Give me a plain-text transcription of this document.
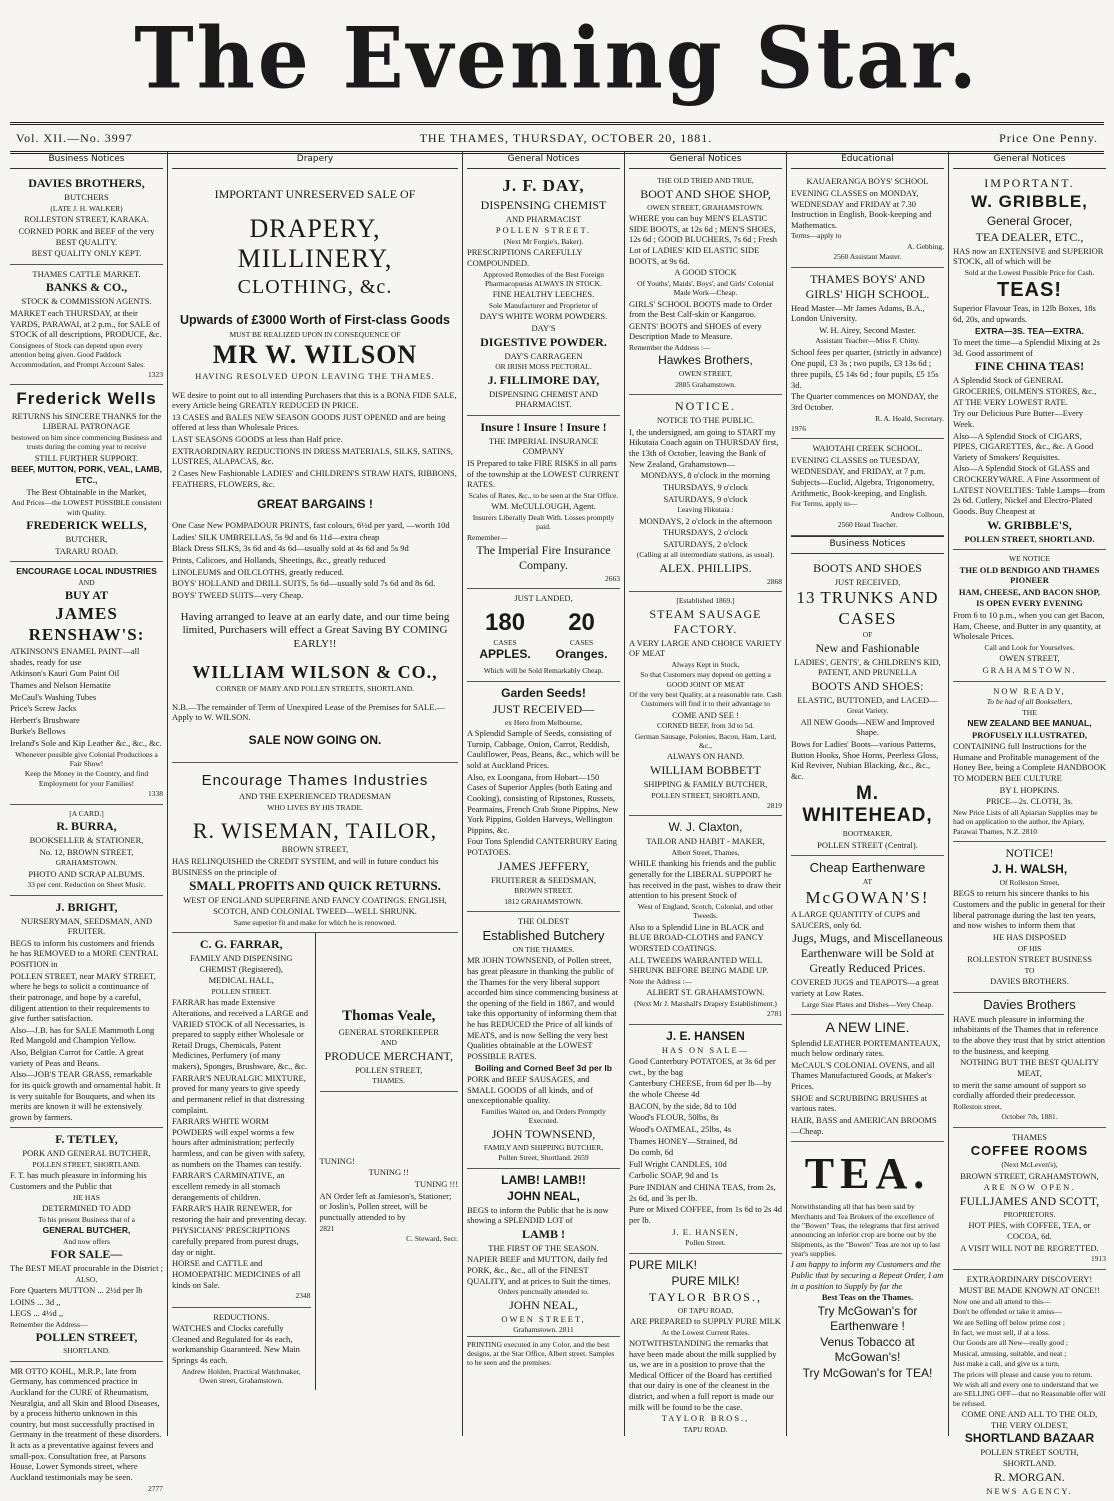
The Evening Star.
Vol. XII.—No. 3997	THE THAMES, THURSDAY, OCTOBER 20, 1881.	Price One Penny.
Business Notices

DAVIES BROTHERS,

BUTCHERS

(LATE J. H. WALKER)

ROLLESTON STREET, KARAKA.

CORNED PORK and BEEF of the very BEST QUALITY.

BEST QUALITY ONLY KEPT.

THAMES CATTLE MARKET.

BANKS & CO.,

STOCK & COMMISSION AGENTS.

MARKET each THURSDAY, at their YARDS, PARAWAI, at 2 p.m., for SALE of STOCK of all descriptions, PRODUCE, &c.

Consignees of Stock can depend upon every attention being given. Good Paddock Accommodation, and Prompt Account Sales.

1323

Frederick Wells

RETURNS his SINCERE THANKS for the LIBERAL PATRONAGE

bestowed on him since commencing Business and trusts during the coming year to receive

STILL FURTHER SUPPORT.

BEEF, MUTTON, PORK, VEAL, LAMB, ETC.,

The Best Obtainable in the Market,

And Prices—the LOWEST POSSIBLE consistent with Quality.

FREDERICK WELLS,

BUTCHER,

TARARU ROAD.

ENCOURAGE LOCAL INDUSTRIES

AND

BUY AT

JAMES RENSHAW'S:

ATKINSON'S ENAMEL PAINT—all shades, ready for use

Atkinson's Kauri Gum Paint Oil

Thames and Nelson Hematite

McCaul's Washing Tubes

Price's Screw Jacks

Herbert's Brushware

Burke's Bellows

Ireland's Sole and Kip Leather &c., &c., &c.

Whenever possible give Colonial Productions a Fair Show!

Keep the Money in the Country, and find Employment for your Families!

1338

[A CARD.]

R. BURRA,

BOOKSELLER & STATIONER,

No. 12, BROWN STREET,

GRAHAMSTOWN.

PHOTO AND SCRAP ALBUMS.

33 per cent. Reduction on Sheet Music.

J. BRIGHT,

NURSERYMAN, SEEDSMAN, AND FRUITER.

BEGS to inform his customers and friends he has REMOVED to a MORE CENTRAL POSITION in

POLLEN STREET, near MARY STREET, where he begs to solicit a continuance of their patronage, and hope by a careful, diligent attention to their requirements to give further satisfaction.

Also—J.B. has for SALE Mammoth Long Red Mangold and Champion Yellow.

Also, Belgian Carrot for Cattle. A great variety of Peas and Beans.

Also—JOB'S TEAR GRASS, remarkable for its quick growth and ornamental habit. It is very suitable for Bouquets, and when its merits are known it will be extensively grown by farmers.

F. TETLEY,

PORK AND GENERAL BUTCHER,

POLLEN STREET, SHORTLAND.

F. T. has much pleasure in informing his Customers and the Public that

HE HAS

DETERMINED TO ADD

To his present Business that of a

GENERAL BUTCHER,

And now offers

FOR SALE—

The BEST MEAT procurable in the District ;

ALSO,

Fore Quarters MUTTON ... 2½d per lb

LOINS ... 3d ,,

LEGS ... 4½d ,,

Remember the Address—

POLLEN STREET,

SHORTLAND.

MR OTTO KOHL, M.R.P., late from Germany, has commenced practice in Auckland for the CURE of Rheumatism, Neuralgia, and all Skin and Blood Diseases, by a process hitherto unknown in this country, but most successfully practised in Germany in the treatment of these disorders. It acts as a preventative against fevers and small-pox. Consultation free, at Parsons House, Lower Symonds street, where Auckland testimonials may be seen.

2777

Drapery

IMPORTANT UNRESERVED SALE OF

DRAPERY, MILLINERY,

CLOTHING, &c.

Upwards of £3000 Worth of First-class Goods

MUST BE REALIZED UPON IN CONSEQUENCE OF

MR W. WILSON

HAVING RESOLVED UPON LEAVING THE THAMES.

WE desire to point out to all intending Purchasers that this is a BONA FIDE SALE, every Article being GREATLY REDUCED IN PRICE.

13 CASES and BALES NEW SEASON GOODS JUST OPENED and are being offered at less than Wholesale Prices.

LAST SEASONS GOODS at less than Half price.

EXTRAORDINARY REDUCTIONS IN DRESS MATERIALS, SILKS, SATINS, LUSTRES, ALAPACAS, &c.

2 Cases New Fashionable LADIES' and CHILDREN'S STRAW HATS, RIBBONS, FEATHERS, FLOWERS, &c.

GREAT BARGAINS !

One Case New POMPADOUR PRINTS, fast colours, 6½d per yard, —worth 10d

Ladies' SILK UMBRELLAS, 5s 9d and 6s 11d—extra cheap

Black Dress SILKS, 3s 6d and 4s 6d—usually sold at 4s 6d and 5s 9d

Prints, Calicoes, and Hollands, Sheetings, &c., greatly reduced

LINOLEUMS and OILCLOTHS, greatly reduced.

BOYS' HOLLAND and DRILL SUITS, 5s 6d—usually sold 7s 6d and 8s 6d.

BOYS' TWEED SUITS—very Cheap.

Having arranged to leave at an early date, and our time being limited, Purchasers will effect a Great Saving BY COMING EARLY!!

WILLIAM WILSON & CO.,

CORNER OF MARY AND POLLEN STREETS, SHORTLAND.

N.B.—The remainder of Term of Unexpired Lease of the Premises for SALE.—Apply to W. WILSON.

SALE NOW GOING ON.

Encourage Thames Industries

AND THE EXPERIENCED TRADESMAN

WHO LIVES BY HIS TRADE.

R. WISEMAN, TAILOR,

BROWN STREET,

HAS RELINQUISHED the CREDIT SYSTEM, and will in future conduct his BUSINESS on the principle of

SMALL PROFITS AND QUICK RETURNS.

WEST OF ENGLAND SUPERFINE AND FANCY COATINGS. ENGLISH, SCOTCH, AND COLONIAL TWEED—WELL SHRUNK.

Same superior fit and make for which he is renowned.

C. G. FARRAR,

FAMILY AND DISPENSING CHEMIST (Registered),

MEDICAL HALL,

POLLEN STREET.

FARRAR has made Extensive Alterations, and received a LARGE and VARIED STOCK of all Necessaries, is prepared to supply either Wholesale or Retail Drugs, Chemicals, Patent Medicines, Perfumery (of many makers), Sponges, Brushware, &c., &c.

FARRAR'S NEURALGIC MIXTURE, proved for many years to give speedy and permanent relief in that distressing complaint.

FARRARS WHITE WORM POWDERS will expel worms a few hours after administration; perfectly harmless, and can be given with safety, as numbers on the Thames can testify.

FARRAR'S CARMINATIVE, an excellent remedy in all stomach derangements of children.

FARRAR'S HAIR RENEWER, for restoring the hair and preventing decay.

PHYSICIANS' PRESCRIPTIONS carefully prepared from purest drugs, day or night.

HORSE and CATTLE and HOMOEPATHIC MEDICINES of all kinds on Sale.

2348

REDUCTIONS.

WATCHES and Clocks carefully Cleaned and Regulated for 4s each, workmanship Guaranteed. New Main Springs 4s each.

Andrew Holden, Practical Watchmaker, Owen street, Grahamstown.

Thomas Veale,

GENERAL STOREKEEPER

AND

PRODUCE MERCHANT,

POLLEN STREET,

THAMES.

TUNING!

TUNING !!

TUNING !!!

AN Order left at Jamieson's, Stationer; or Joslin's, Pollen street, will be punctually attended to by

2821

C. Steward, Secr.

General Notices

J. F. DAY,

DISPENSING CHEMIST

AND PHARMACIST

POLLEN STREET.

(Next Mr Forgie's, Baker).

PRESCRIPTIONS CAREFULLY COMPOUNDED.

Approved Remedies of the Best Foreign Pharmacopœias ALWAYS IN STOCK.

FINE HEALTHY LEECHES.

Sole Manufacturer and Proprietor of

DAY'S WHITE WORM POWDERS.

DAY'S

DIGESTIVE POWDER.

DAY'S CARRAGEEN

OR IRISH MOSS PECTORAL.

J. FILLIMORE DAY,

DISPENSING CHEMIST AND PHARMACIST.

Insure ! Insure ! Insure !

THE IMPERIAL INSURANCE COMPANY

IS Prepared to take FIRE RISKS in all parts of the township at the LOWEST CURRENT RATES.

Scales of Rates, &c., to be seen at the Star Office.

WM. McCULLOUGH, Agent.

Insurers Liberally Dealt With. Losses promptly paid.

Remember—

The Imperial Fire Insurance Company.

2663

JUST LANDED,

180
CASES
APPLES.
20
CASES
Oranges.

Which will be Sold Remarkably Cheap.

Garden Seeds!

JUST RECEIVED—

ex Hero from Melbourne,

A Splendid Sample of Seeds, consisting of Turnip, Cabbage, Onion, Carrot, Reddish, Cauliflower, Peas, Beans, &c., which will be sold at Auckland Prices.

Also, ex Loongana, from Hobart—150 Cases of Superior Apples (both Eating and Cooking), consisting of Ripstones, Russets, Pearmains, French Crab Stone Pippins, New York Pippins, Golden Harveys, Wellington Pippins, &c.

Four Tons Splendid CANTERBURY Eating POTATOES.

JAMES JEFFERY,

FRUITERER & SEEDSMAN,

BROWN STREET.

1812 GRAHAMSTOWN.

THE OLDEST

Established Butchery

ON THE THAMES.

MR JOHN TOWNSEND, of Pollen street, has great pleasure in thanking the public of the Thames for the very liberal support accorded him since commencing business at the opening of the field in 1867, and would take this opportunity of informing them that he has REDUCED the Price of all kinds of MEATS, and is now Selling the very best Qualities obtainable at the LOWEST POSSIBLE RATES.

Boiling and Corned Beef 3d per lb

PORK and BEEF SAUSAGES, and SMALL GOODS of all kinds, and of unexceptionable quality.

Families Waited on, and Orders Promptly Executed.

JOHN TOWNSEND,

FAMILY AND SHIPPING BUTCHER,

Pollen Street, Shortland. 2659

LAMB! LAMB!!

JOHN NEAL,

BEGS to inform the Public that he is now showing a SPLENDID LOT of

LAMB !

THE FIRST OF THE SEASON.

NAPIER BEEF and MUTTON, daily fed PORK, &c., &c., all of the FINEST QUALITY, and at prices to Suit the times.

Orders punctually attended to.

JOHN NEAL,

OWEN STREET,

Grahamstown. 2811

PRINTING executed in any Color, and the best designs, at the Star Office, Albert street. Samples to be seen and the premises.

General Notices

THE OLD TRIED AND TRUE,

BOOT AND SHOE SHOP,

OWEN STREET, GRAHAMSTOWN.

WHERE you can buy MEN'S ELASTIC SIDE BOOTS, at 12s 6d ; MEN'S SHOES, 12s 6d ; GOOD BLUCHERS, 7s 6d ; Fresh Lot of LADIES' KID ELASTIC SIDE BOOTS, at 9s 6d.

A GOOD STOCK

Of Youths', Maids', Boys', and Girls' Colonial Made Work—Cheap.

GIRLS' SCHOOL BOOTS made to Order from the Best Calf-skin or Kangaroo.

GENTS' BOOTS and SHOES of every Description Made to Measure.

Remember the Address :—

Hawkes Brothers,

OWEN STREET,

2885 Grahamstown.

NOTICE.

NOTICE TO THE PUBLIC.

I, the undersigned, am going to START my Hikutaia Coach again on THURSDAY first, the 13th of October, leaving the Bank of New Zealand, Grahamstown—

MONDAYS, 8 o'clock in the morning

THURSDAYS, 9 o'clock

SATURDAYS, 9 o'clock

Leaving Hikutaia :

MONDAYS, 2 o'clock in the afternoon

THURSDAYS, 2 o'clock

SATURDAYS, 2 o'clock

(Calling at all intermediate stations, as usual).

ALEX. PHILLIPS.

2868

[Established 1869.]

STEAM SAUSAGE FACTORY.

A VERY LARGE AND CHOICE VARIETY OF MEAT

Always Kept in Stock,

So that Customers may depend on getting a GOOD JOINT OF MEAT

Of the very best Quality, at a reasonable rate. Cash Customers will find it to their advantage to

COME AND SEE !

CORNED BEEF, from 3d to 5d.

German Sausage, Polonies, Bacon, Ham, Lard, &c.,

ALWAYS ON HAND.

WILLIAM BOBBETT

SHIPPING & FAMILY BUTCHER,

POLLEN STREET, SHORTLAND,

2819

W. J. Claxton,

TAILOR AND HABIT - MAKER,

Albert Street, Thames,

WHILE thanking his friends and the public generally for the LIBERAL SUPPORT he has received in the past, wishes to draw their attention to his present Stock of

West of England, Scotch, Colonial, and other Tweeds.

Also to a Splendid Line in BLACK and BLUE BROAD-CLOTHS and FANCY WORSTED COATINGS.

ALL TWEEDS WARRANTED WELL SHRUNK BEFORE BEING MADE UP.

Note the Address :—

ALBERT ST. GRAHAMSTOWN.

(Next Mr J. Marshall's Drapery Establishment.)

2781

J. E. HANSEN

HAS ON SALE—

Good Canterbury POTATOES, at 3s 6d per cwt., by the bag

Canterbury CHEESE, from 6d per lb—by the whole Cheese 4d

BACON, by the side, 8d to 10d

Wood's FLOUR, 50lbs, 8s

Wood's OATMEAL, 25lbs, 4s

Thames HONEY—Strained, 8d

Do comb, 6d

Full Wright CANDLES, 10d

Carbolic SOAP, 9d and 1s

Pure INDIAN and CHINA TEAS, from 2s, 2s 6d, and 3s per lb.

Pure or Mixed COFFEE, from 1s 6d to 2s 4d per lb.

J. E. HANSEN,

Pollen Street.

PURE MILK!

PURE MILK!

TAYLOR BROS.,

OF TAPU ROAD,

ARE PREPARED to SUPPLY PURE MILK

At the Lowest Current Rates.

NOTWITHSTANDING the remarks that have been made about the milk supplied by us, we are in a position to prove that the Medical Officer of the Board has certified that our dairy is one of the cleanest in the district, and when a full report is made our milk will be found to be the case.

TAYLOR BROS.,

TAPU ROAD.

Educational

KAUAERANGA BOYS' SCHOOL

EVENING CLASSES on MONDAY, WEDNESDAY and FRIDAY at 7.30 Instruction in English, Book-keeping and Mathematics.

Terms—apply to

A. Gebbing,

2560 Assistant Master.

THAMES BOYS' AND GIRLS' HIGH SCHOOL.

Head Master—Mr James Adams, B.A., London University.

W. H. Airey, Second Master.

Assistant Teacher—Miss F. Chitty.

School fees per quarter, (strictly in advance)

One pupil, £3 3s ; two pupils, £3 13s 6d ; three pupils, £5 14s 6d ; four pupils, £5 15s 3d.

The Quarter commences on MONDAY, the 3rd October.

R. A. Heald, Secretary.

1976

WAIOTAHI CREEK SCHOOL.

EVENING CLASSES on TUESDAY, WEDNESDAY, and FRIDAY, at 7 p.m.

Subjects—Euclid, Algebra, Trigonometry, Arithmetic, Book-keeping, and English.

For Terms, apply to—

Andrew Colhoun,

2560 Head Teacher.

Business Notices

BOOTS AND SHOES

JUST RECEIVED,

13 TRUNKS AND CASES

OF

New and Fashionable

LADIES', GENTS', & CHILDREN'S KID, PATENT, AND PRUNELLA

BOOTS AND SHOES:

ELASTIC, BUTTONED, and LACED—

Great Variety.

All NEW Goods—NEW and Improved Shape.

Bows for Ladies' Boots—various Patterns, Button Hooks, Shoe Horns, Peerless Gloss, Kid Reviver, Nubian Blacking, &c., &c., &c.

M. WHITEHEAD,

BOOTMAKER,

POLLEN STREET (Central).

Cheap Earthenware

AT

McGOWAN'S!

A LARGE QUANTITY of CUPS and SAUCERS, only 6d.

Jugs, Mugs, and Miscellaneous Earthenware will be Sold at Greatly Reduced Prices.

COVERED JUGS and TEAPOTS—a great variety at Low Rates.

Large Size Plates and Dishes—Very Cheap.

A NEW LINE.

Splendid LEATHER PORTEMANTEAUX, much below ordinary rates.

McCAUL'S COLONIAL OVENS, and all Thames Manufactured Goods, at Maker's Prices.

SHOE and SCRUBBING BRUSHES at various rates.

HAIR, BASS and AMERICAN BROOMS—Cheap.

TEA.

Notwithstanding all that has been said by Merchants and Tea Brokers of the excellence of the "Bowen" Teas, the telegrams that first arrived announcing an inferior crop are borne out by the Shipments, as the "Bowen" Teas are not up to last year's supplies.

I am happy to inform my Customers and the Public that by securing a Repeat Order, I am in a position to Supply by far the

Best Teas on the Thames.

Try McGowan's for Earthenware !

Venus Tobacco at McGowan's!

Try McGowan's for TEA!

General Notices

IMPORTANT.

W. GRIBBLE,

General Grocer,

TEA DEALER, ETC.,

HAS now an EXTENSIVE and SUPERIOR STOCK, all of which will be

Sold at the Lowest Possible Price for Cash.

TEAS!

Superior Flavour Teas, in 12lb Boxes, 18s 6d, 20s, and upwards.

EXTRA—3S. TEA—EXTRA.

To meet the time—a Splendid Mixing at 2s 3d. Good assortment of

FINE CHINA TEAS!

A Splendid Stock of GENERAL GROCERIES, OILMEN'S STORES, &c., AT THE VERY LOWEST RATE.

Try our Delicious Pure Butter—Every Week.

Also—A Splendid Stock of CIGARS, PIPES, CIGARETTES, &c., &c. A Good Variety of Smokers' Requisites.

Also—A Splendid Stock of GLASS and CROCKERYWARE. A Fine Assortment of LATEST NOVELTIES: Table Lamps—from 2s 6d. Cutlery, Nickel and Electro-Plated Goods. Buy Cheapest at

W. GRIBBLE'S,

POLLEN STREET, SHORTLAND.

WE NOTICE

THE OLD BENDIGO AND THAMES PIONEER

HAM, CHEESE, AND BACON SHOP,

IS OPEN EVERY EVENING

From 6 to 10 p.m., when you can get Bacon, Ham, Cheese, and Butter in any quantity, at Wholesale Prices.

Call and Look for Yourselves.

OWEN STREET,

GRAHAMSTOWN.

NOW READY,

To be had of all Booksellers,

THE

NEW ZEALAND BEE MANUAL,

PROFUSELY ILLUSTRATED,

CONTAINING full Instructions for the Humane and Profitable management of the Honey Bee, being a Complete HANDBOOK TO MODERN BEE CULTURE

BY I. HOPKINS.

PRICE—2s. CLOTH, 3s.

New Price Lists of all Apiarian Supplies may be had on application to the author, the Apiary, Parawai Thames, N.Z. 2810

NOTICE!

J. H. WALSH,

Of Rolleston Street,

BEGS to return his sincere thanks to his Customers and the public in general for their liberal patronage during the last ten years, and now wishes to inform them that

HE HAS DISPOSED

OF HIS

ROLLESTON STREET BUSINESS

TO

DAVIES BROTHERS.

Davies Brothers

HAVE much pleasure in informing the inhabitants of the Thames that in reference to the above they trust that by strict attention to the business, and keeping

NOTHING BUT THE BEST QUALITY MEAT,

to merit the same amount of support so cordially afforded their predecessor.

Rolleston street,

October 7th, 1881.

THAMES

COFFEE ROOMS

(Next McLeven's),

BROWN STREET, GRAHAMSTOWN,

ARE NOW OPEN.

FULLJAMES AND SCOTT,

PROPRIETORS.

HOT PIES, with COFFEE, TEA, or COCOA, 6d.

A VISIT WILL NOT BE REGRETTED.

1913

EXTRAORDINARY DISCOVERY!

MUST BE MADE KNOWN AT ONCE!!

Now one and all attend to this—

Don't be offended or take it amiss—

We are Selling off below prime cost ;

In fact, we must sell, if at a loss.

Our Goods are all New—really good ;

Musical, amusing, suitable, and neat ;

Just make a call, and give us a turn,

The prices will please and cause you to return.

We wish all and every one to understand that we are SELLING OFF—that no Reasonable offer will be refused.

COME ONE AND ALL TO THE OLD, THE VERY OLDEST,

SHORTLAND BAZAAR

POLLEN STREET SOUTH, SHORTLAND.

R. MORGAN.

NEWS AGENCY.
